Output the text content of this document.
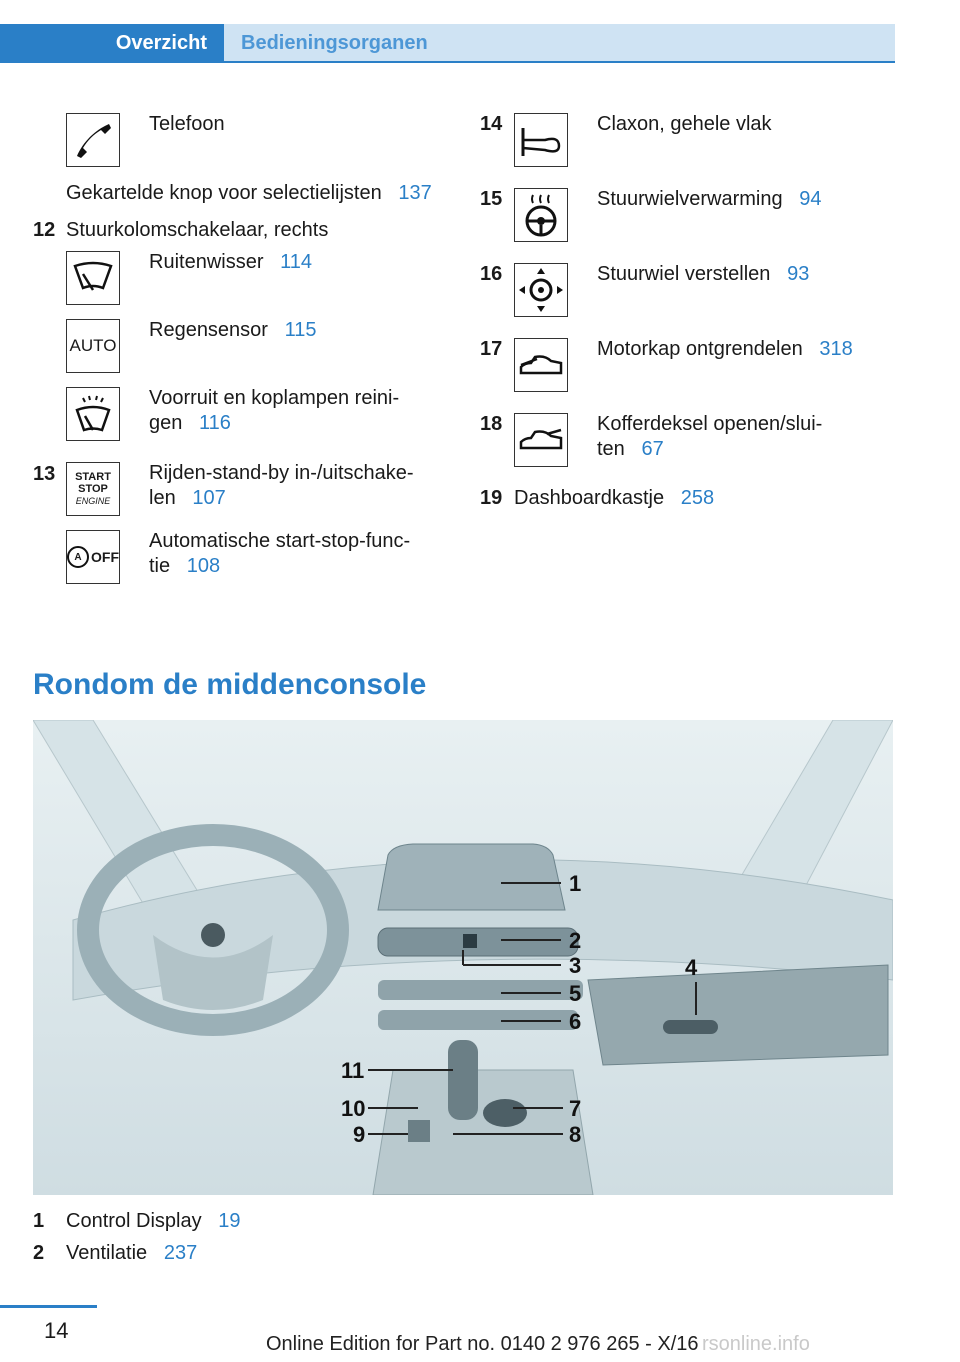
Overzicht	Bedieningsorganen
Telefoon
Gekartelde knop voor selectielijsten 137
12 Stuurkolomschakelaar, rechts
Ruitenwisser 114
AUTO
Regensensor 115
Voorruit en koplampen reini-
gen 116
13 START
STOP
ENGINE
Rijden-stand-by in-/uitschake-
len 107
A OFF
Automatische start-stop-func-
tie 108
14	Claxon, gehele vlak
15	Stuurwielverwarming 94
16	Stuurwiel verstellen 93
17	Motorkap ontgrendelen 318
18	Kofferdeksel openen/slui-
ten 67
19 Dashboardkastje 258
Rondom de middenconsole
1
2
3	4
5
6
7
8
9
10
11
1 Control Display 19
2 Ventilatie 237
14
Online Edition for Part no. 0140 2 976 265 - X/16 rsonline.info
